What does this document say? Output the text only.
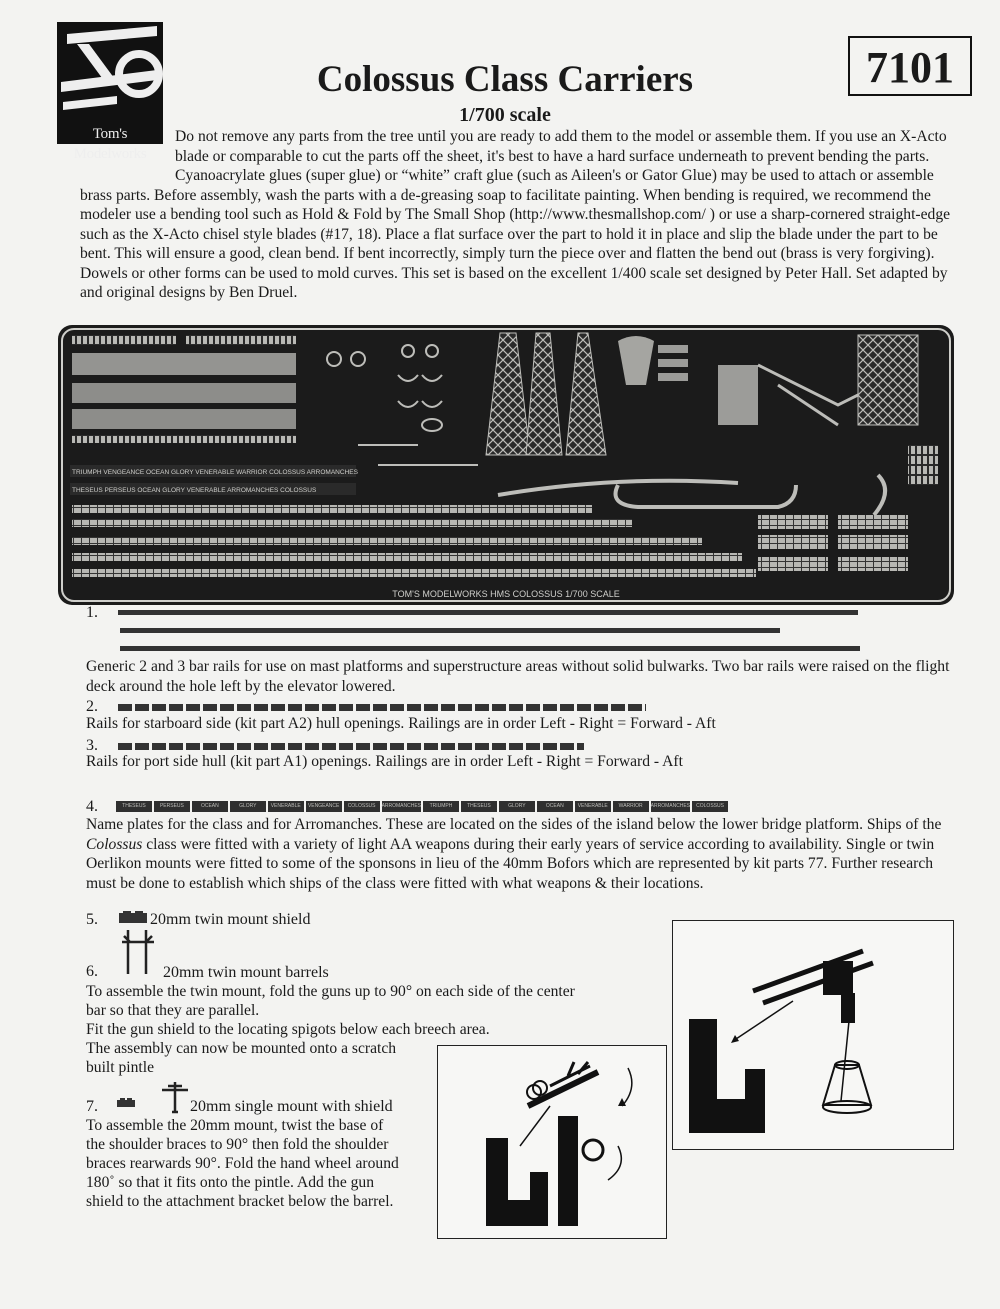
Tom's Modelworks
Colossus Class Carriers
1/700 scale
7101
Do not remove any parts from the tree until you are ready to add them to the model or assemble them. If you use an X-Acto blade or comparable to cut the parts off the sheet, it's best to have a hard surface underneath to prevent bending the parts. Cyanoacrylate glues (super glue) or “white” craft glue (such as Aileen's or Gator Glue) may be used to attach or assemble brass parts. Before assembly, wash the parts with a de-greasing soap to facilitate painting. When bending is required, we recommend the modeler use a bending tool such as Hold & Fold by The Small Shop (http://www.thesmallshop.com/ ) or use a sharp-cornered straight-edge such as the X-Acto chisel style blades (#17, 18). Place a flat surface over the part to hold it in place and slip the blade under the part to be bent. This will ensure a good, clean bend. If bent incorrectly, simply turn the piece over and flatten the bend out (brass is very forgiving). Dowels or other forms can be used to mold curves. This set is based on the excellent 1/400 scale set designed by Peter Hall. Set adapted by and original designs by Ben Druel.
TRIUMPH VENGEANCE OCEAN GLORY VENERABLE WARRIOR COLOSSUS ARROMANCHES
THESEUS PERSEUS OCEAN GLORY VENERABLE ARROMANCHES COLOSSUS
TOM'S MODELWORKS HMS COLOSSUS 1/700 SCALE
1.
Generic 2 and 3 bar rails for use on mast platforms and superstructure areas without solid bulwarks. Two bar rails were raised on the flight deck around the hole left by the elevator lowered.
2.
Rails for starboard side (kit part A2) hull openings. Railings are in order Left - Right = Forward - Aft
3.
Rails for port side hull (kit part A1) openings. Railings are in order Left - Right = Forward - Aft
4.	THESEUS	PERSEUS	OCEAN	GLORY	VENERABLE	VENGEANCE	COLOSSUS	ARROMANCHES	TRIUMPH	THESEUS	GLORY	OCEAN	VENERABLE	WARRIOR	ARROMANCHES	COLOSSUS
Name plates for the class and for Arromanches. These are located on the sides of the island below the lower bridge platform. Ships of the Colossus class were fitted with a variety of light AA weapons during their early years of service according to availability. Single or twin Oerlikon mounts were fitted to some of the sponsons in lieu of the 40mm Bofors which are represented by kit parts 77. Further research must be done to establish which ships of the class were fitted with what weapons & their locations.
5.	20mm twin mount shield
6.	20mm twin mount barrels
To assemble the twin mount, fold the guns up to 90° on each side of the center
bar so that they are parallel.
Fit the gun shield to the locating spigots below each breech area.
The assembly can now be mounted onto a scratch
built pintle
7.	20mm single mount with shield
To assemble the 20mm mount, twist the base of
the shoulder braces to 90° then fold the shoulder
braces rearwards 90°. Fold the hand wheel around
180˚ so that it fits onto the pintle. Add the gun
shield to the attachment bracket below the barrel.
